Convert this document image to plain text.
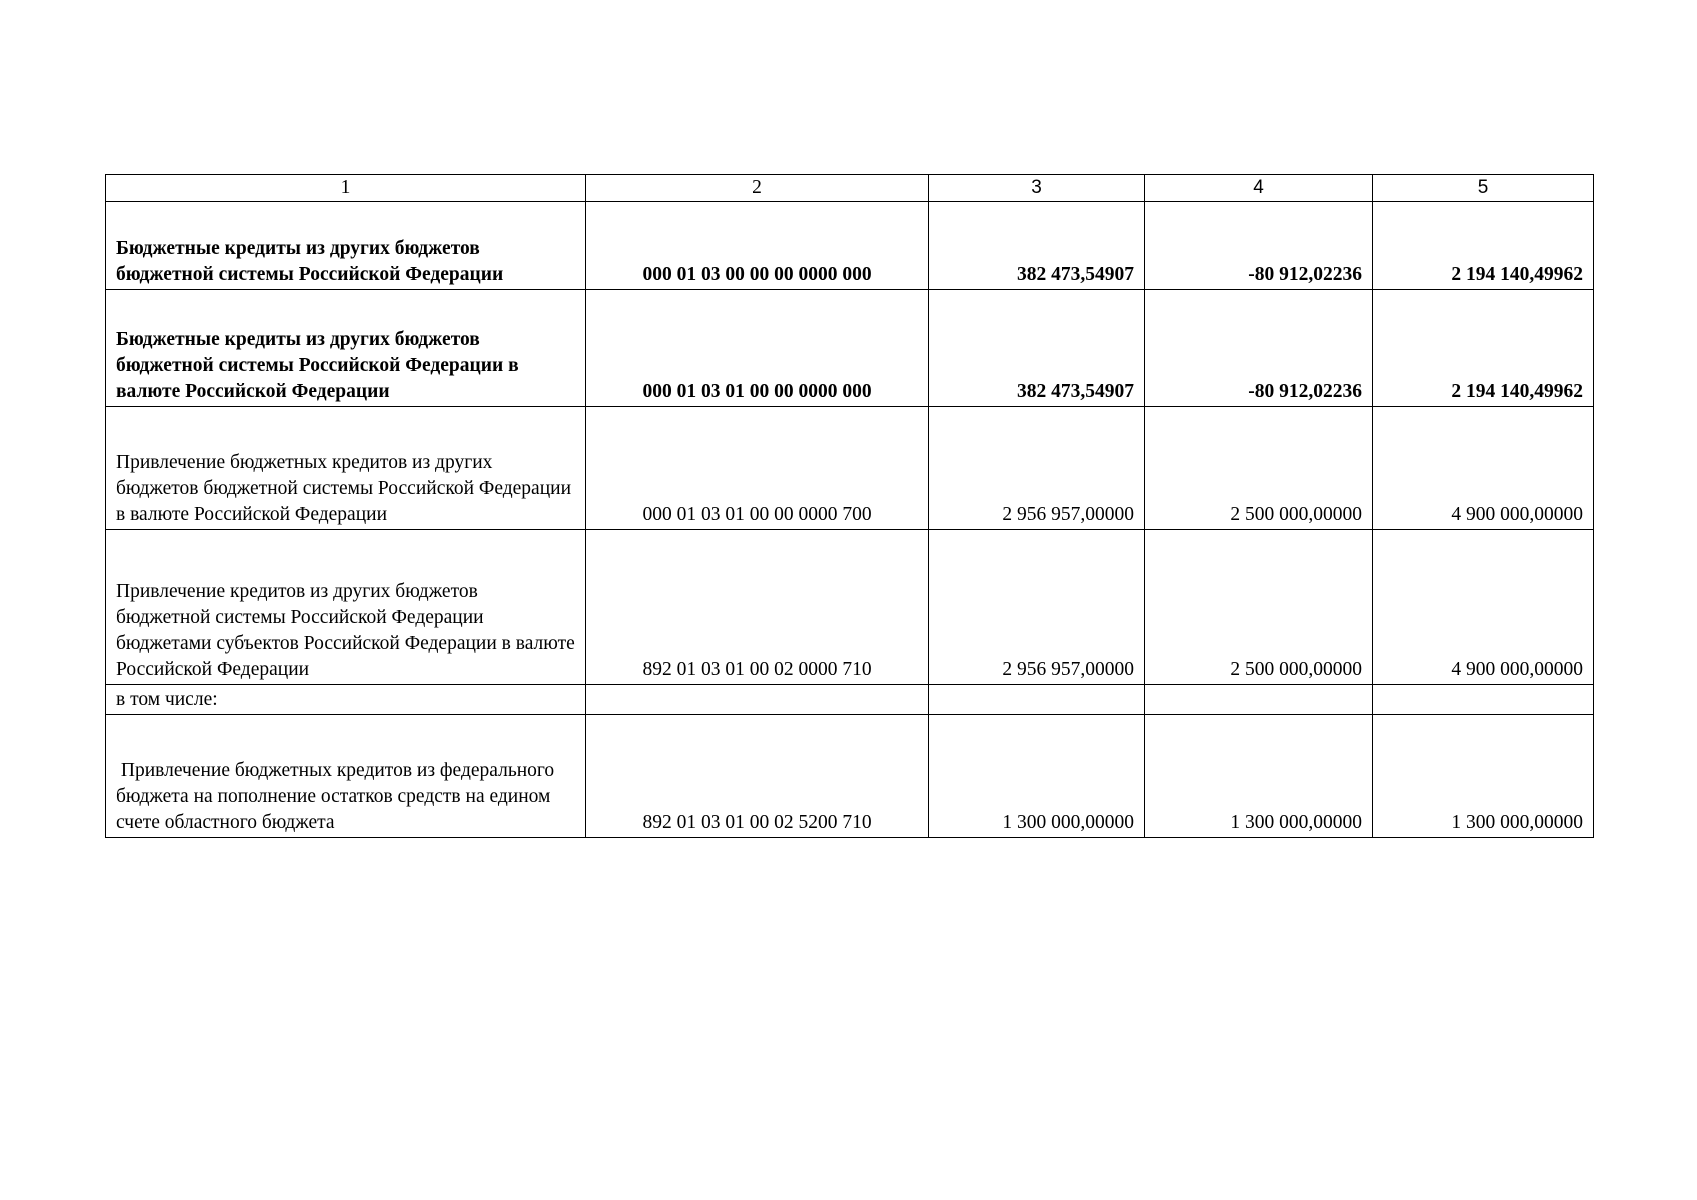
1	2	3	4	5
Бюджетные кредиты из других бюджетов бюджетной системы Российской Федерации	000 01 03 00 00 00 0000 000	382 473,54907	-80 912,02236	2 194 140,49962
Бюджетные кредиты из других бюджетов бюджетной системы Российской Федерации в валюте Российской Федерации	000 01 03 01 00 00 0000 000	382 473,54907	-80 912,02236	2 194 140,49962
Привлечение бюджетных кредитов из других бюджетов бюджетной системы Российской Федерации в валюте Российской Федерации	000 01 03 01 00 00 0000 700	2 956 957,00000	2 500 000,00000	4 900 000,00000
Привлечение кредитов из других бюджетов бюджетной системы Российской Федерации бюджетами субъектов Российской Федерации в валюте Российской Федерации	892 01 03 01 00 02 0000 710	2 956 957,00000	2 500 000,00000	4 900 000,00000
в том числе:				
Привлечение бюджетных кредитов из федерального бюджета на пополнение остатков средств на едином счете областного бюджета	892 01 03 01 00 02 5200 710	1 300 000,00000	1 300 000,00000	1 300 000,00000
